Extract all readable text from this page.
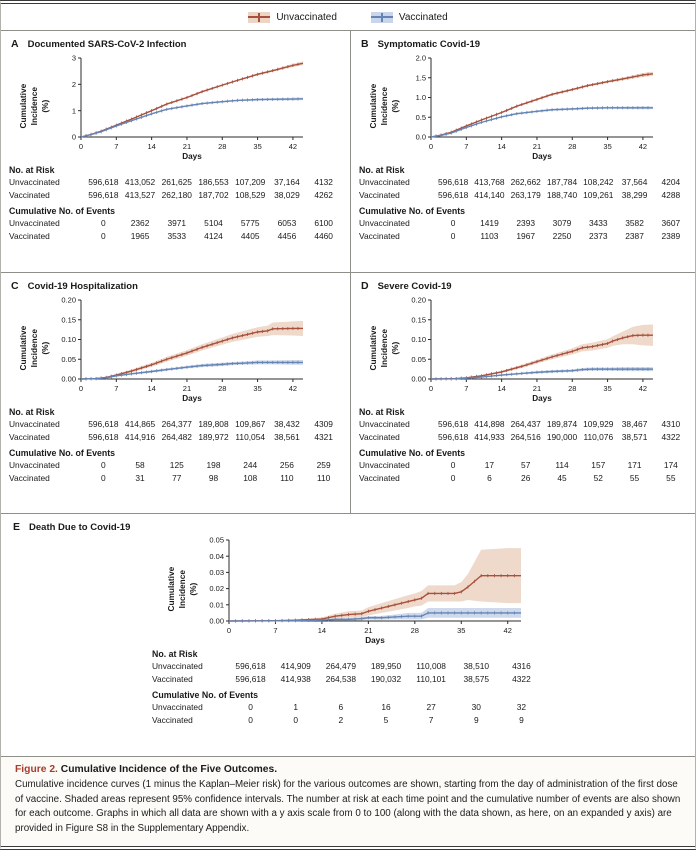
Unvaccinated	Vaccinated
A Documented SARS-CoV-2 Infection
Cumulative
Incidence
(%)
0
1
2
3
0	7	14	21	28	35	42
Days
No. at Risk
Unvaccinated	596,618 413,052 261,625 186,553 107,209	37,164	4132
Vaccinated	596,618 413,527 262,180 187,702 108,529	38,029	4262
Cumulative No. of Events
Unvaccinated	0	2362	3971	5104	5775	6053	6100
Vaccinated	0	1965	3533	4124	4405	4456	4460
B Symptomatic Covid-19
Cumulative
Incidence
(%)
0.0
0.5
1.0
1.5
2.0
0	7	14	21	28	35	42
Days
No. at Risk
Unvaccinated	596,618 413,768 262,662 187,784 108,242 37,564	4204
Vaccinated	596,618 414,140 263,179 188,740 109,261 38,299	4288
Cumulative No. of Events
Unvaccinated	0	1419	2393	3079	3433	3582	3607
Vaccinated	0	1103	1967	2250	2373	2387	2389
C Covid-19 Hospitalization
Cumulative
Incidence
(%)
0.00
0.05
0.10
0.15
0.20
0	7	14	21	28	35	42
Days
No. at Risk
Unvaccinated	596,618 414,865 264,377 189,808 109,867	38,432	4309
Vaccinated	596,618 414,916 264,482 189,972 110,054	38,561	4321
Cumulative No. of Events
Unvaccinated	0	58	125	198	244	256	259
Vaccinated	0	31	77	98	108	110	110
D Severe Covid-19
Cumulative
Incidence
(%)
0.00
0.05
0.10
0.15
0.20
0	7	14	21	28	35	42
Days
No. at Risk
Unvaccinated	596,618 414,898 264,437 189,874 109,929 38,467	4310
Vaccinated	596,618 414,933 264,516 190,000 110,076	38,571	4322
Cumulative No. of Events
Unvaccinated	0	17	57	114	157	171	174
Vaccinated	0	6	26	45	52	55	55
E Death Due to Covid-19
Cumulative
Incidence
(%)
0.00
0.01
0.02
0.03
0.04
0.05
0	7	14	21	28	35	42
Days
No. at Risk
Unvaccinated	596,618	414,909	264,479	189,950	110,008	38,510	4316
Vaccinated	596,618	414,938	264,538	190,032	110,101	38,575	4322
Cumulative No. of Events
Unvaccinated	0	1	6	16	27	30	32
Vaccinated	0	0	2	5	7	9	9

Figure 2. Cumulative Incidence of the Five Outcomes.

Cumulative incidence curves (1 minus the Kaplan–Meier risk) for the various outcomes are shown, starting from the day of administration of the first dose of vaccine. Shaded areas represent 95% confidence intervals. The number at risk at each time point and the cumulative number of events are also shown for each outcome. Graphs in which all data are shown with a y axis scale from 0 to 100 (along with the data shown, as here, on an expanded y axis) are provided in Figure S8 in the Supplementary Appendix.
